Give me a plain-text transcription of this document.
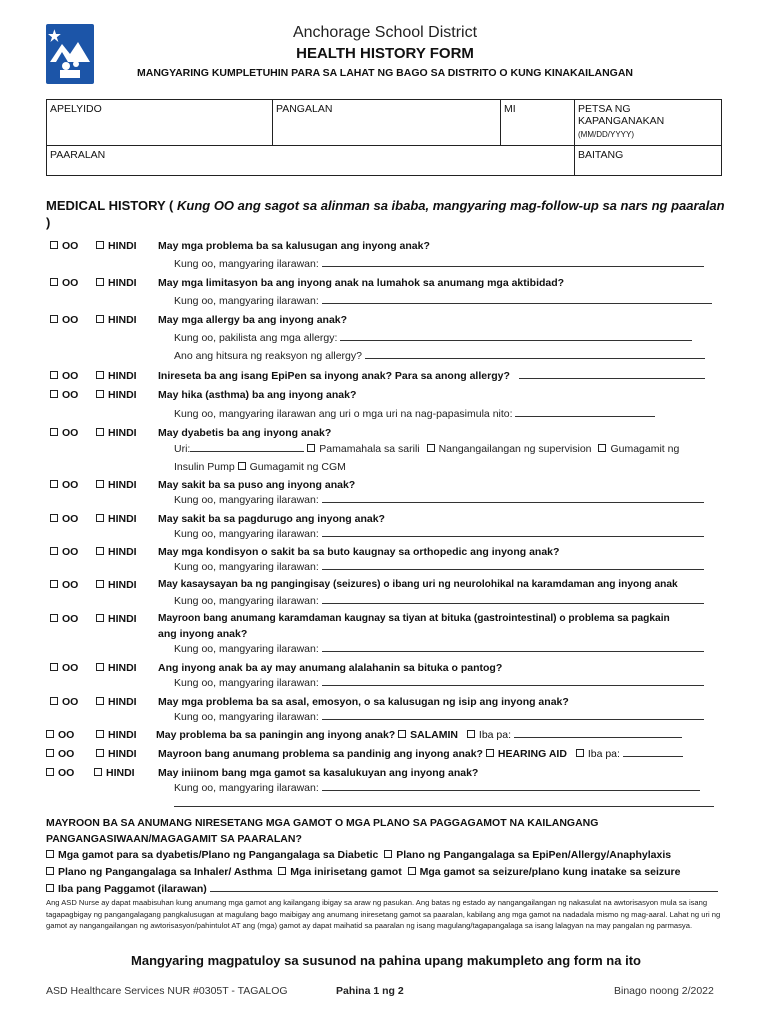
Anchorage School District
HEALTH HISTORY FORM
MANGYARING KUMPLETUHIN PARA SA LAHAT NG BAGO SA DISTRITO O KUNG KINAKAILANGAN
APELYIDO	PANGALAN	MI	PETSA NG KAPANGANAKAN
(MM/DD/YYYY)

PAARALAN			BAITANG
MEDICAL HISTORY ( Kung OO ang sagot sa alinman sa ibaba, mangyaring mag-follow-up sa nars ng paaralan )
OO	HINDI May mga problema ba sa kalusugan ang inyong anak?
Kung oo, mangyaring ilarawan:
OO	HINDI May mga limitasyon ba ang inyong anak na lumahok sa anumang mga aktibidad?
Kung oo, mangyaring ilarawan:
OO	HINDI May mga allergy ba ang inyong anak?
Kung oo, pakilista ang mga allergy:
Ano ang hitsura ng reaksyon ng allergy?
OO	HINDI Inireseta ba ang isang EpiPen sa inyong anak? Para sa anong allergy?
OO	HINDI May hika (asthma) ba ang inyong anak?
Kung oo, mangyaring ilarawan ang uri o mga uri na nag-papasimula nito:
OO	HINDI May dyabetis ba ang inyong anak?
Uri:	Pamamahala sa sarili Nangangailangan ng supervision Gumagamit ng
Insulin Pump Gumagamit ng CGM
OO	HINDI May sakit ba sa puso ang inyong anak?
Kung oo, mangyaring ilarawan:
OO	HINDI May sakit ba sa pagdurugo ang inyong anak?
Kung oo, mangyaring ilarawan:
OO	HINDI May mga kondisyon o sakit ba sa buto kaugnay sa orthopedic ang inyong anak?
Kung oo, mangyaring ilarawan:
OO	HINDI May kasaysayan ba ng pangingisay (seizures) o ibang uri ng neurolohikal na karamdaman ang inyong anak
Kung oo, mangyaring ilarawan:
OO	HINDI Mayroon bang anumang karamdaman kaugnay sa tiyan at bituka (gastrointestinal) o problema sa pagkain
ang inyong anak?
Kung oo, mangyaring ilarawan:
OO	HINDI Ang inyong anak ba ay may anumang alalahanin sa bituka o pantog?
Kung oo, mangyaring ilarawan:
OO	HINDI May mga problema ba sa asal, emosyon, o sa kalusugan ng isip ang inyong anak?
Kung oo, mangyaring ilarawan:
OO	HINDI May problema ba sa paningin ang inyong anak? SALAMIN Iba pa:
OO	HINDI Mayroon bang anumang problema sa pandinig ang inyong anak? HEARING AID Iba pa:
OO	HINDI May iniinom bang mga gamot sa kasalukuyan ang inyong anak?
Kung oo, mangyaring ilarawan:
MAYROON BA SA ANUMANG NIRESETANG MGA GAMOT O MGA PLANO SA PAGGAGAMOT NA KAILANGANG PANGANGASIWAAN/MAGAGAMIT SA PAARALAN?
Mga gamot para sa dyabetis/Plano ng Pangangalaga sa Diabetic Plano ng Pangangalaga sa EpiPen/Allergy/Anaphylaxis
Plano ng Pangangalaga sa Inhaler/ Asthma Mga inirisetang gamot Mga gamot sa seizure/plano kung inatake sa seizure
Iba pang Paggamot (ilarawan)
Ang ASD Nurse ay dapat maabisuhan kung anumang mga gamot ang kailangang ibigay sa araw ng pasukan. Ang batas ng estado ay nangangailangan ng nakasulat na awtorisasyon mula sa isang tagapagbigay ng pangangalagang pangkalusugan at magulang bago maibigay ang anumang iniresetang gamot sa paaralan, kabilang ang mga gamot na nadadala mismo ng mag-aaral. Lahat ng uri ng gamot ay nangangailangan ng awtorisasyon/pahintulot AT ang (mga) gamot ay dapat maihatid sa paaralan ng isang magulang/tagapangalaga sa isang lalagyan na may pangalan ng parmasya.
Mangyaring magpatuloy sa susunod na pahina upang makumpleto ang form na ito
ASD Healthcare Services NUR #0305T - TAGALOG	Pahina 1 ng 2	Binago noong 2/2022
